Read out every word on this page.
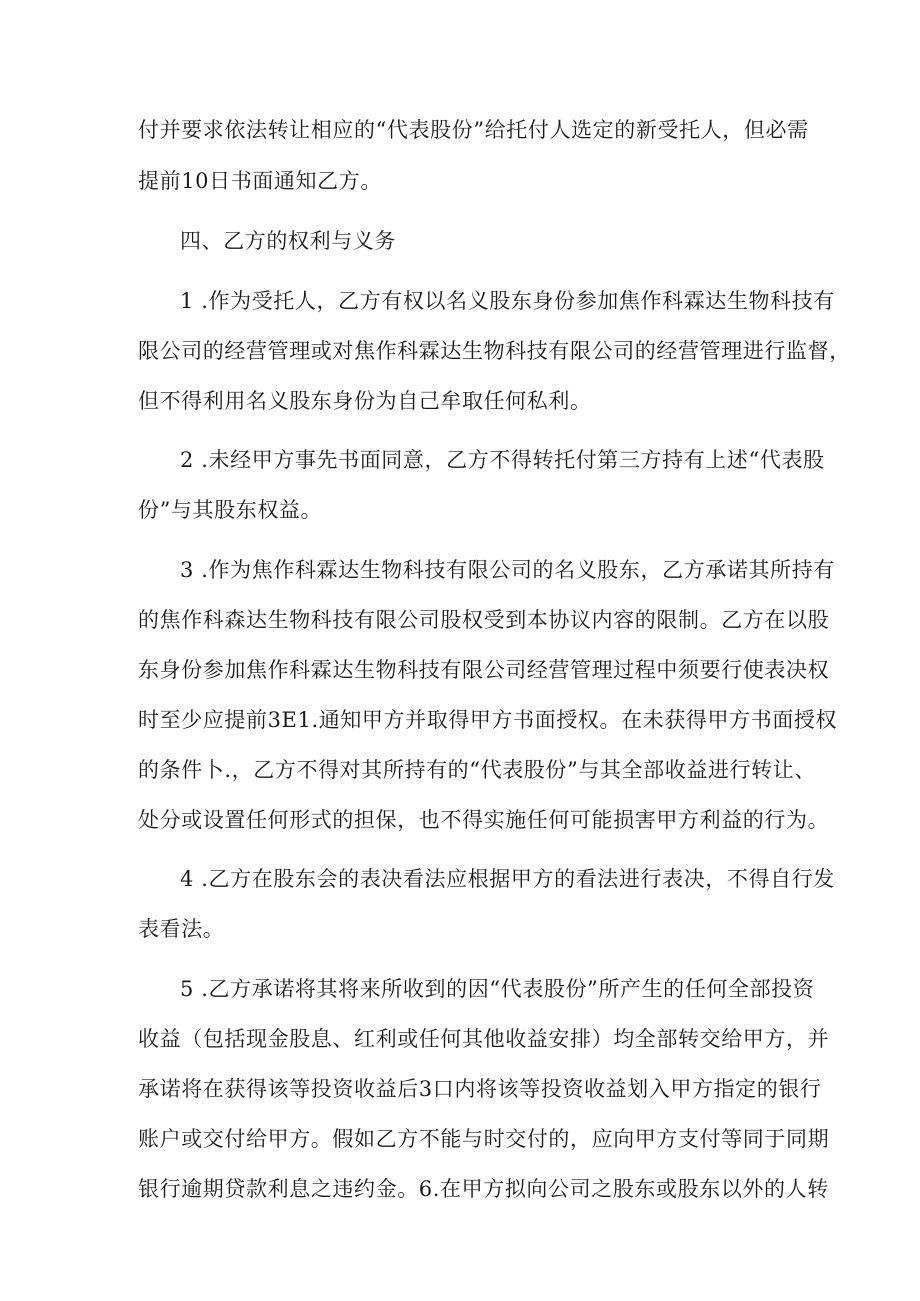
付并要求依法转让相应的“代表股份”给托付人选定的新受托人，但必需
提前10日书面通知乙方。
四、乙方的权利与义务
1 .作为受托人，乙方有权以名义股东身份参加焦作科霖达生物科技有
限公司的经营管理或对焦作科霖达生物科技有限公司的经营管理进行监督，
但不得利用名义股东身份为自己牟取任何私利。
2 .未经甲方事先书面同意，乙方不得转托付第三方持有上述“代表股
份”与其股东权益。
3 .作为焦作科霖达生物科技有限公司的名义股东，乙方承诺其所持有
的焦作科森达生物科技有限公司股权受到本协议内容的限制。乙方在以股
东身份参加焦作科霖达生物科技有限公司经营管理过程中须要行使表决权
时至少应提前3E1.通知甲方并取得甲方书面授权。在未获得甲方书面授权
的条件卜.，乙方不得对其所持有的“代表股份”与其全部收益进行转让、
处分或设置任何形式的担保，也不得实施任何可能损害甲方利益的行为。
4 .乙方在股东会的表决看法应根据甲方的看法进行表决，不得自行发
表看法。
5 .乙方承诺将其将来所收到的因“代表股份”所产生的任何全部投资
收益（包括现金股息、红利或任何其他收益安排）均全部转交给甲方，并
承诺将在获得该等投资收益后3口内将该等投资收益划入甲方指定的银行
账户或交付给甲方。假如乙方不能与时交付的，应向甲方支付等同于同期
银行逾期贷款利息之违约金。6.在甲方拟向公司之股东或股东以外的人转
